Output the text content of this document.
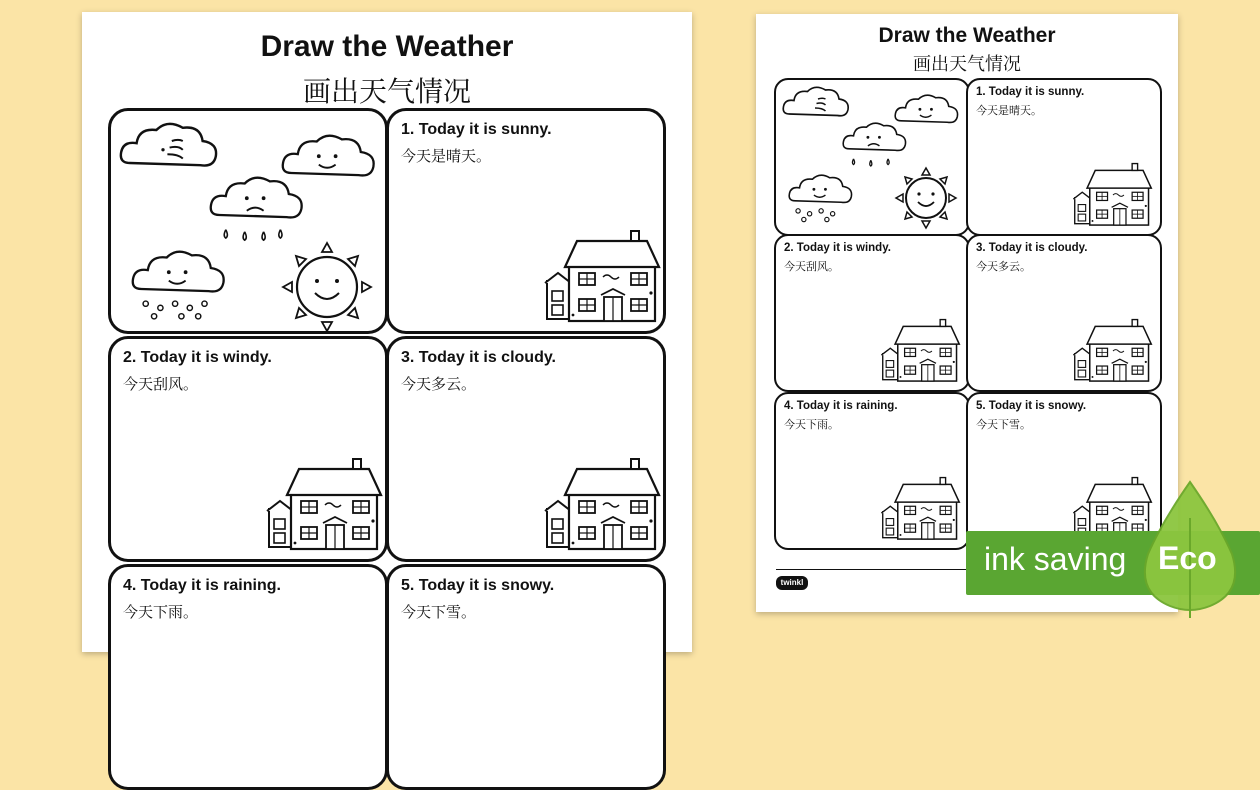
Draw the Weather
画出天气情况
1. Today it is sunny.
今天是晴天。
2. Today it is windy.
今天刮风。
3. Today it is cloudy.
今天多云。
4. Today it is raining.
今天下雨。
5. Today it is snowy.
今天下雪。
Draw the Weather
画出天气情况
1. Today it is sunny.
今天是晴天。
2. Today it is windy.
今天刮风。
3. Today it is cloudy.
今天多云。
4. Today it is raining.
今天下雨。
5. Today it is snowy.
今天下雪。
twinkl
ink saving Eco
